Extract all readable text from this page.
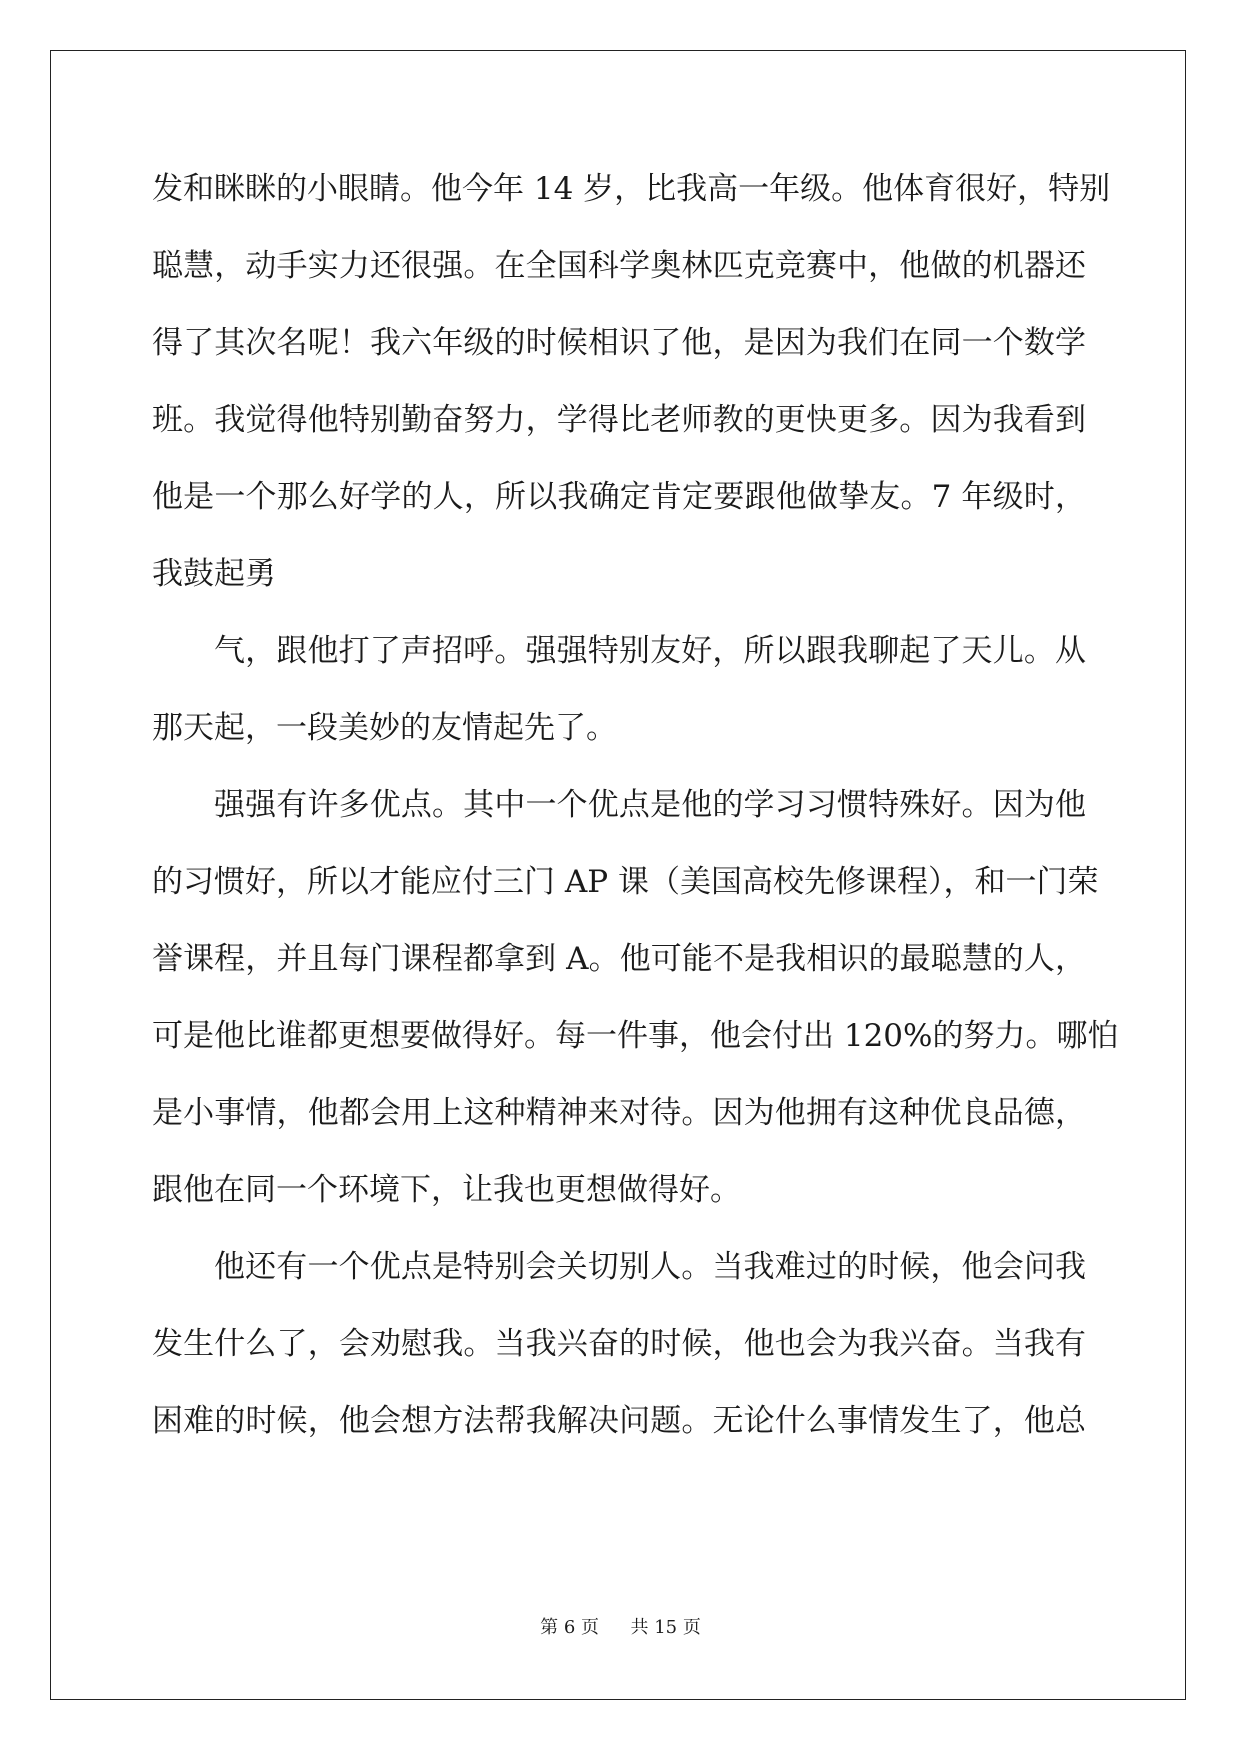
发和眯眯的小眼睛。他今年 14 岁，比我高一年级。他体育很好，特别
聪慧，动手实力还很强。在全国科学奥林匹克竞赛中，他做的机器还
得了其次名呢！我六年级的时候相识了他，是因为我们在同一个数学
班。我觉得他特别勤奋努力，学得比老师教的更快更多。因为我看到
他是一个那么好学的人，所以我确定肯定要跟他做挚友。7 年级时，
我鼓起勇
气，跟他打了声招呼。强强特别友好，所以跟我聊起了天儿。从
那天起，一段美妙的友情起先了。
强强有许多优点。其中一个优点是他的学习习惯特殊好。因为他
的习惯好，所以才能应付三门 AP 课（美国高校先修课程），和一门荣
誉课程，并且每门课程都拿到 A。他可能不是我相识的最聪慧的人，
可是他比谁都更想要做得好。每一件事，他会付出 120%的努力。哪怕
是小事情，他都会用上这种精神来对待。因为他拥有这种优良品德，
跟他在同一个环境下，让我也更想做得好。
他还有一个优点是特别会关切别人。当我难过的时候，他会问我
发生什么了，会劝慰我。当我兴奋的时候，他也会为我兴奋。当我有
困难的时候，他会想方法帮我解决问题。无论什么事情发生了，他总
第 6 页 共 15 页
